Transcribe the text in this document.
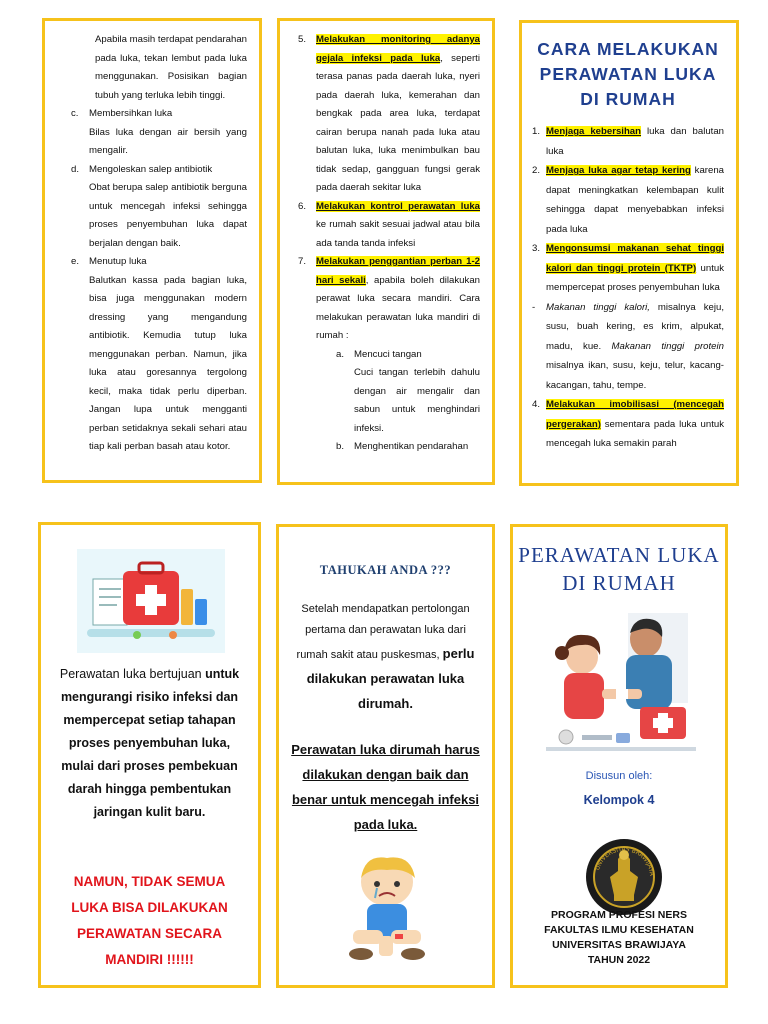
Apabila masih terdapat pendarahan pada luka, tekan lembut pada luka menggunakan. Posisikan bagian tubuh yang terluka lebih tinggi.

c.	Membersihkan luka

Bilas luka dengan air bersih yang mengalir.

d.	Mengoleskan salep antibiotik

Obat berupa salep antibiotik berguna untuk mencegah infeksi sehingga proses penyembuhan luka dapat berjalan dengan baik.

e.	Menutup luka

Balutkan kassa pada bagian luka, bisa juga menggunakan modern dressing yang mengandung antibiotik. Kemudia tutup luka menggunakan perban. Namun, jika luka atau goresannya tergolong kecil, maka tidak perlu diperban. Jangan lupa untuk mengganti perban setidaknya sekali sehari atau tiap kali perban basah atau kotor.

5.	Melakukan monitoring adanya gejala infeksi pada luka, seperti terasa panas pada daerah luka, nyeri pada daerah luka, kemerahan dan bengkak pada area luka, terdapat cairan berupa nanah pada luka atau balutan luka, luka menimbulkan bau tidak sedap, gangguan fungsi gerak pada daerah sekitar luka
6.	Melakukan kontrol perawatan luka ke rumah sakit sesuai jadwal atau bila ada tanda tanda infeksi
7.	Melakukan penggantian perban 1-2 hari sekali, apabila boleh dilakukan perawat luka secara mandiri. Cara melakukan perawatan luka mandiri di rumah :
a.	Mencuci tangan

Cuci tangan terlebih dahulu dengan air mengalir dan sabun untuk menghindari infeksi.

b.	Menghentikan pendarahan
CARA MELAKUKAN PERAWATAN LUKA DI RUMAH
1. Menjaga kebersihan luka dan balutan luka
2. Menjaga luka agar tetap kering karena dapat meningkatkan kelembapan kulit sehingga dapat menyebabkan infeksi pada luka
3. Mengonsumsi makanan sehat tinggi kalori dan tinggi protein (TKTP) untuk mempercepat proses penyembuhan luka
-	Makanan tinggi kalori, misalnya keju, susu, buah kering, es krim, alpukat, madu, kue. Makanan tinggi protein misalnya ikan, susu, keju, telur, kacang-kacangan, tahu, tempe.
4. Melakukan imobilisasi (mencegah pergerakan) sementara pada luka untuk mencegah luka semakin parah
Perawatan luka bertujuan untuk mengurangi risiko infeksi dan mempercepat setiap tahapan proses penyembuhan luka, mulai dari proses pembekuan darah hingga pembentukan jaringan kulit baru.
NAMUN, TIDAK SEMUA LUKA BISA DILAKUKAN PERAWATAN SECARA MANDIRI !!!!!!
TAHUKAH ANDA ???
Setelah mendapatkan pertolongan pertama dan perawatan luka dari rumah sakit atau puskesmas, perlu dilakukan perawatan luka dirumah.
Perawatan luka dirumah harus dilakukan dengan baik dan benar untuk mencegah infeksi pada luka.
PERAWATAN LUKA DI RUMAH
Disusun oleh:
Kelompok 4
UNIVERSITAS BRAWIJAYA
PROGRAM PROFESI NERS
FAKULTAS ILMU KESEHATAN
UNIVERSITAS BRAWIJAYA
TAHUN 2022
